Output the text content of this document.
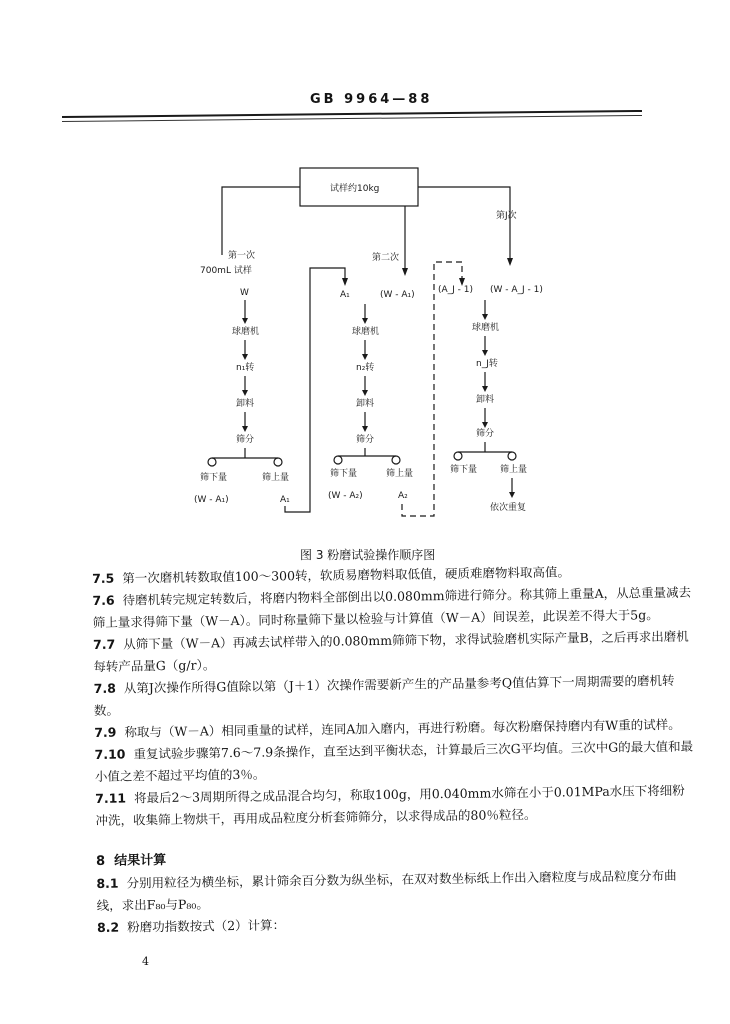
GB 9964—88

试样约10kg
第一次
700mL 试样
W
球磨机
n₁转
卸料
筛分
筛下量	筛上量
(W - A₁)	A₁
第二次
A₁	(W - A₁)
球磨机
n₂转
卸料
筛分
筛下量	筛上量
(W - A₂)	A₂
第J次
(A_J - 1) (W - A_J - 1)
球磨机
n_J转
卸料
筛分
筛下量	筛上量
依次重复

图 3 粉磨试验操作顺序图

7.5 第一次磨机转数取值100～300转，软质易磨物料取低值，硬质难磨物料取高值。

7.6 待磨机转完规定转数后，将磨内物料全部倒出以0.080mm筛进行筛分。称其筛上重量A，从总重量减去筛上量求得筛下量（W－A）。同时称量筛下量以检验与计算值（W－A）间误差，此误差不得大于5g。

7.7 从筛下量（W－A）再减去试样带入的0.080mm筛筛下物，求得试验磨机实际产量B，之后再求出磨机每转产品量G（g/r）。

7.8 从第J次操作所得G值除以第（J＋1）次操作需要新产生的产品量参考Q值估算下一周期需要的磨机转数。

7.9 称取与（W－A）相同重量的试样，连同A加入磨内，再进行粉磨。每次粉磨保持磨内有W重的试样。

7.10 重复试验步骤第7.6～7.9条操作，直至达到平衡状态，计算最后三次G平均值。三次中G的最大值和最小值之差不超过平均值的3％。

7.11 将最后2～3周期所得之成品混合均匀，称取100g，用0.040mm水筛在小于0.01MPa水压下将细粉冲洗，收集筛上物烘干，再用成品粒度分析套筛筛分，以求得成品的80％粒径。

8 结果计算

8.1 分别用粒径为横坐标，累计筛余百分数为纵坐标，在双对数坐标纸上作出入磨粒度与成品粒度分布曲线，求出F₈₀与P₈₀。

8.2 粉磨功指数按式（2）计算：

4
